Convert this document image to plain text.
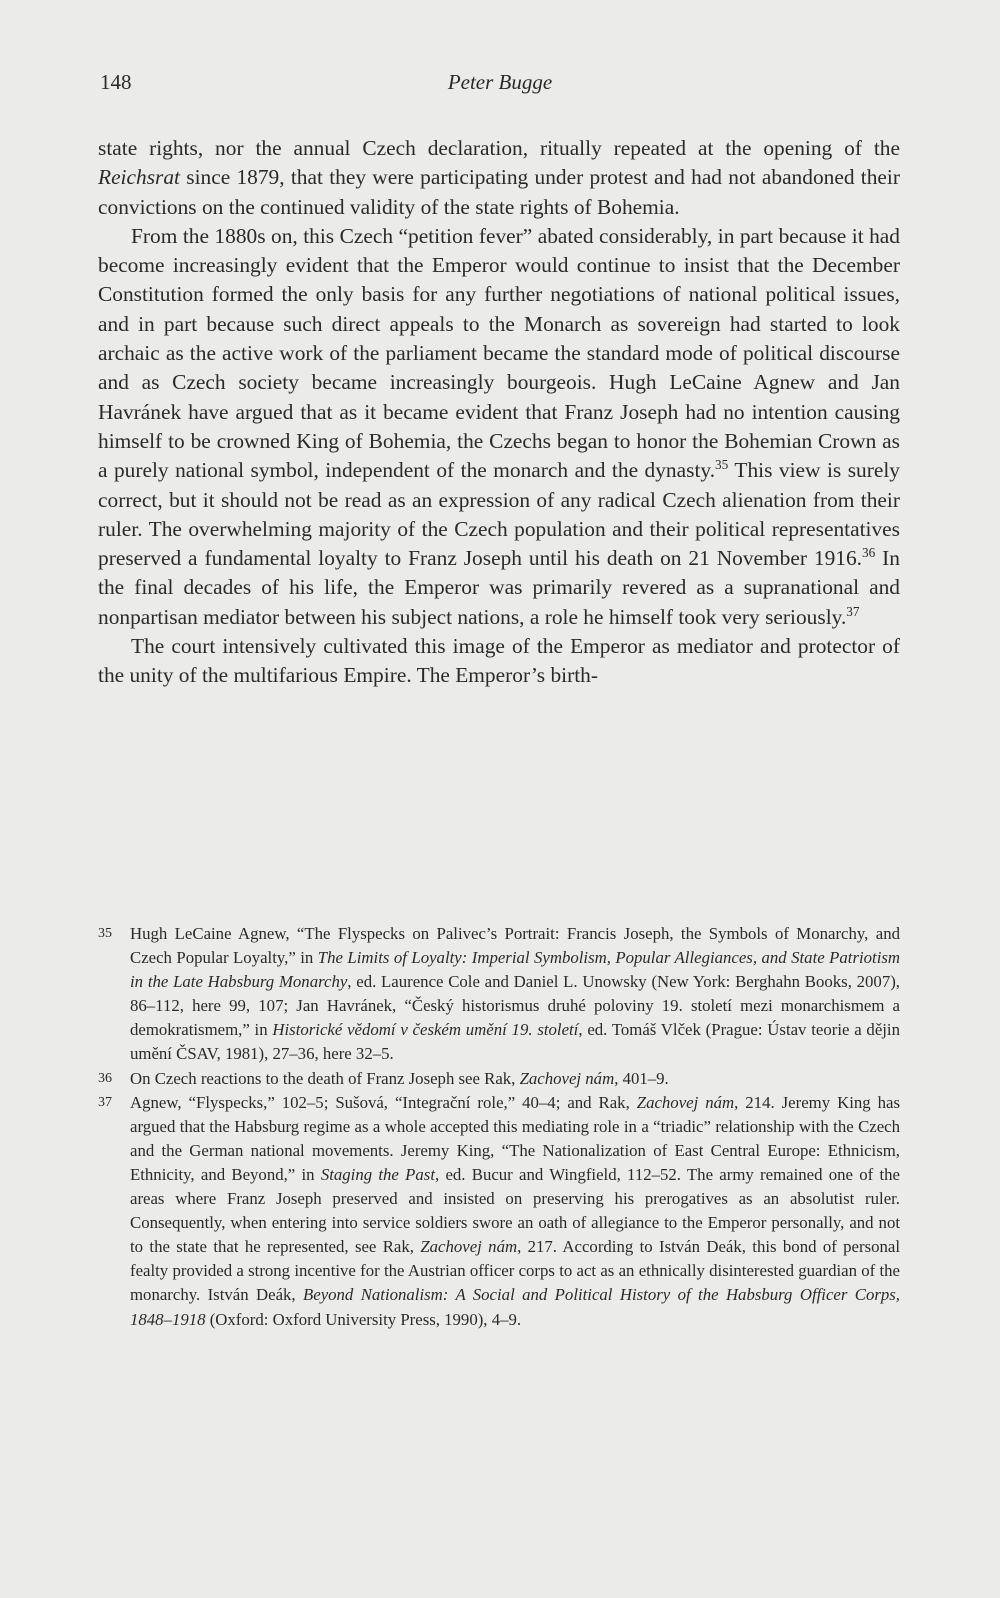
148	Peter Bugge

state rights, nor the annual Czech declaration, ritually repeated at the opening of the Reichsrat since 1879, that they were participating under protest and had not abandoned their convictions on the continued validity of the state rights of Bohemia.

From the 1880s on, this Czech “petition fever” abated considerably, in part because it had become increasingly evident that the Emperor would continue to insist that the December Constitution formed the only basis for any further negotiations of national political issues, and in part because such direct appeals to the Monarch as sovereign had started to look archaic as the active work of the parliament became the standard mode of political discourse and as Czech society became increasingly bourgeois. Hugh LeCaine Agnew and Jan Havránek have argued that as it became evident that Franz Joseph had no intention causing himself to be crowned King of Bohemia, the Czechs began to honor the Bohemian Crown as a purely national symbol, independent of the monarch and the dynasty.$^{35}$ This view is surely correct, but it should not be read as an expression of any radical Czech alienation from their ruler. The overwhelming majority of the Czech population and their political representatives preserved a fundamental loyalty to Franz Joseph until his death on 21 November 1916.36 In the final decades of his life, the Emperor was primarily revered as a supranational and nonpartisan mediator between his subject nations, a role he himself took very seriously.$^{37}$

The court intensively cultivated this image of the Emperor as mediator and protector of the unity of the multifarious Empire. The Emperor’s birth-

35 Hugh LeCaine Agnew, “The Flyspecks on Palivec’s Portrait: Francis Joseph, the Symbols of Monarchy, and Czech Popular Loyalty,” in The Limits of Loyalty: Imperial Symbolism, Popular Allegiances, and State Patriotism in the Late Habsburg Monarchy, ed. Laurence Cole and Daniel L. Unowsky (New York: Berghahn Books, 2007), 86–112, here 99, 107; Jan Havránek, “Český historismus druhé poloviny 19. století mezi monarchismem a demokratismem,” in Historické vědomí v českém umění 19. století, ed. Tomáš Vlček (Prague: Ústav teorie a dějin umění ČSAV, 1981), 27–36, here 32–5.
36 On Czech reactions to the death of Franz Joseph see Rak, Zachovej nám, 401–9.
37 Agnew, “Flyspecks,” 102–5; Sušová, “Integrační role,” 40–4; and Rak, Zachovej nám, 214. Jeremy King has argued that the Habsburg regime as a whole accepted this mediating role in a “triadic” relationship with the Czech and the German national movements. Jeremy King, “The Nationalization of East Central Europe: Ethnicism, Ethnicity, and Beyond,” in Staging the Past, ed. Bucur and Wingfield, 112–52. The army remained one of the areas where Franz Joseph preserved and insisted on preserving his prerogatives as an absolutist ruler. Consequently, when entering into service soldiers swore an oath of allegiance to the Emperor personally, and not to the state that he represented, see Rak, Zachovej nám, 217. According to István Deák, this bond of personal fealty provided a strong incentive for the Austrian officer corps to act as an ethnically disinterested guardian of the monarchy. István Deák, Beyond Nationalism: A Social and Political History of the Habsburg Officer Corps, 1848–1918 (Oxford: Oxford University Press, 1990), 4–9.
